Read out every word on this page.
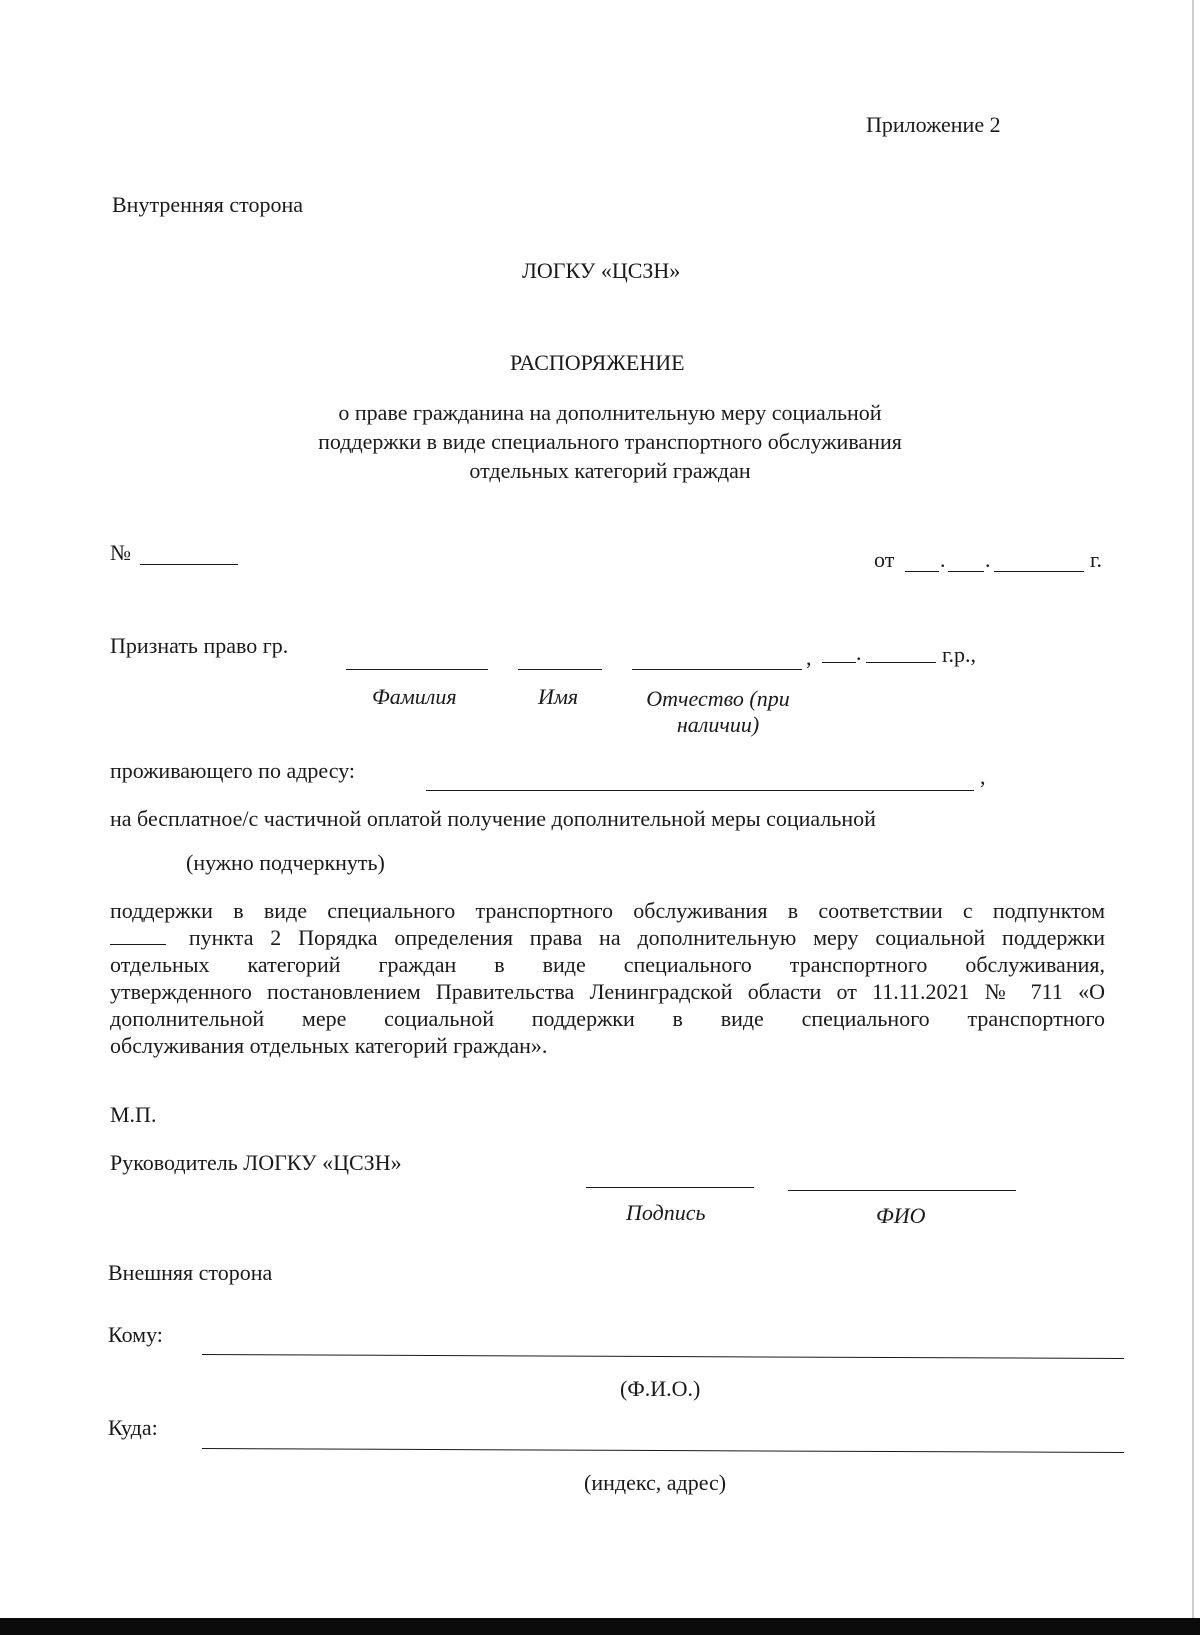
Приложение 2
Внутренняя сторона
ЛОГКУ «ЦСЗН»
РАСПОРЯЖЕНИЕ
о праве гражданина на дополнительную меру социальной
поддержки в виде специального транспортного обслуживания
отдельных категорий граждан
№	от . .	г.
Признать право гр.	, .	г.р.,
Фамилия	Имя	Отчество (при
наличии)
проживающего по адресу:	,
на бесплатное/с частичной оплатой получение дополнительной меры социальной
(нужно подчеркнуть)
поддержки в виде специального транспортного обслуживания в соответствии с подпунктом
пункта 2 Порядка определения права на дополнительную меру социальной поддержки
отдельных категорий граждан в виде специального транспортного обслуживания,
утвержденного постановлением Правительства Ленинградской области от 11.11.2021 № 711 «О
дополнительной мере социальной поддержки в виде специального транспортного
обслуживания отдельных категорий граждан».
М.П.
Руководитель ЛОГКУ «ЦСЗН»
Подпись	ФИО
Внешняя сторона
Кому:
(Ф.И.О.)
Куда:
(индекс, адрес)
